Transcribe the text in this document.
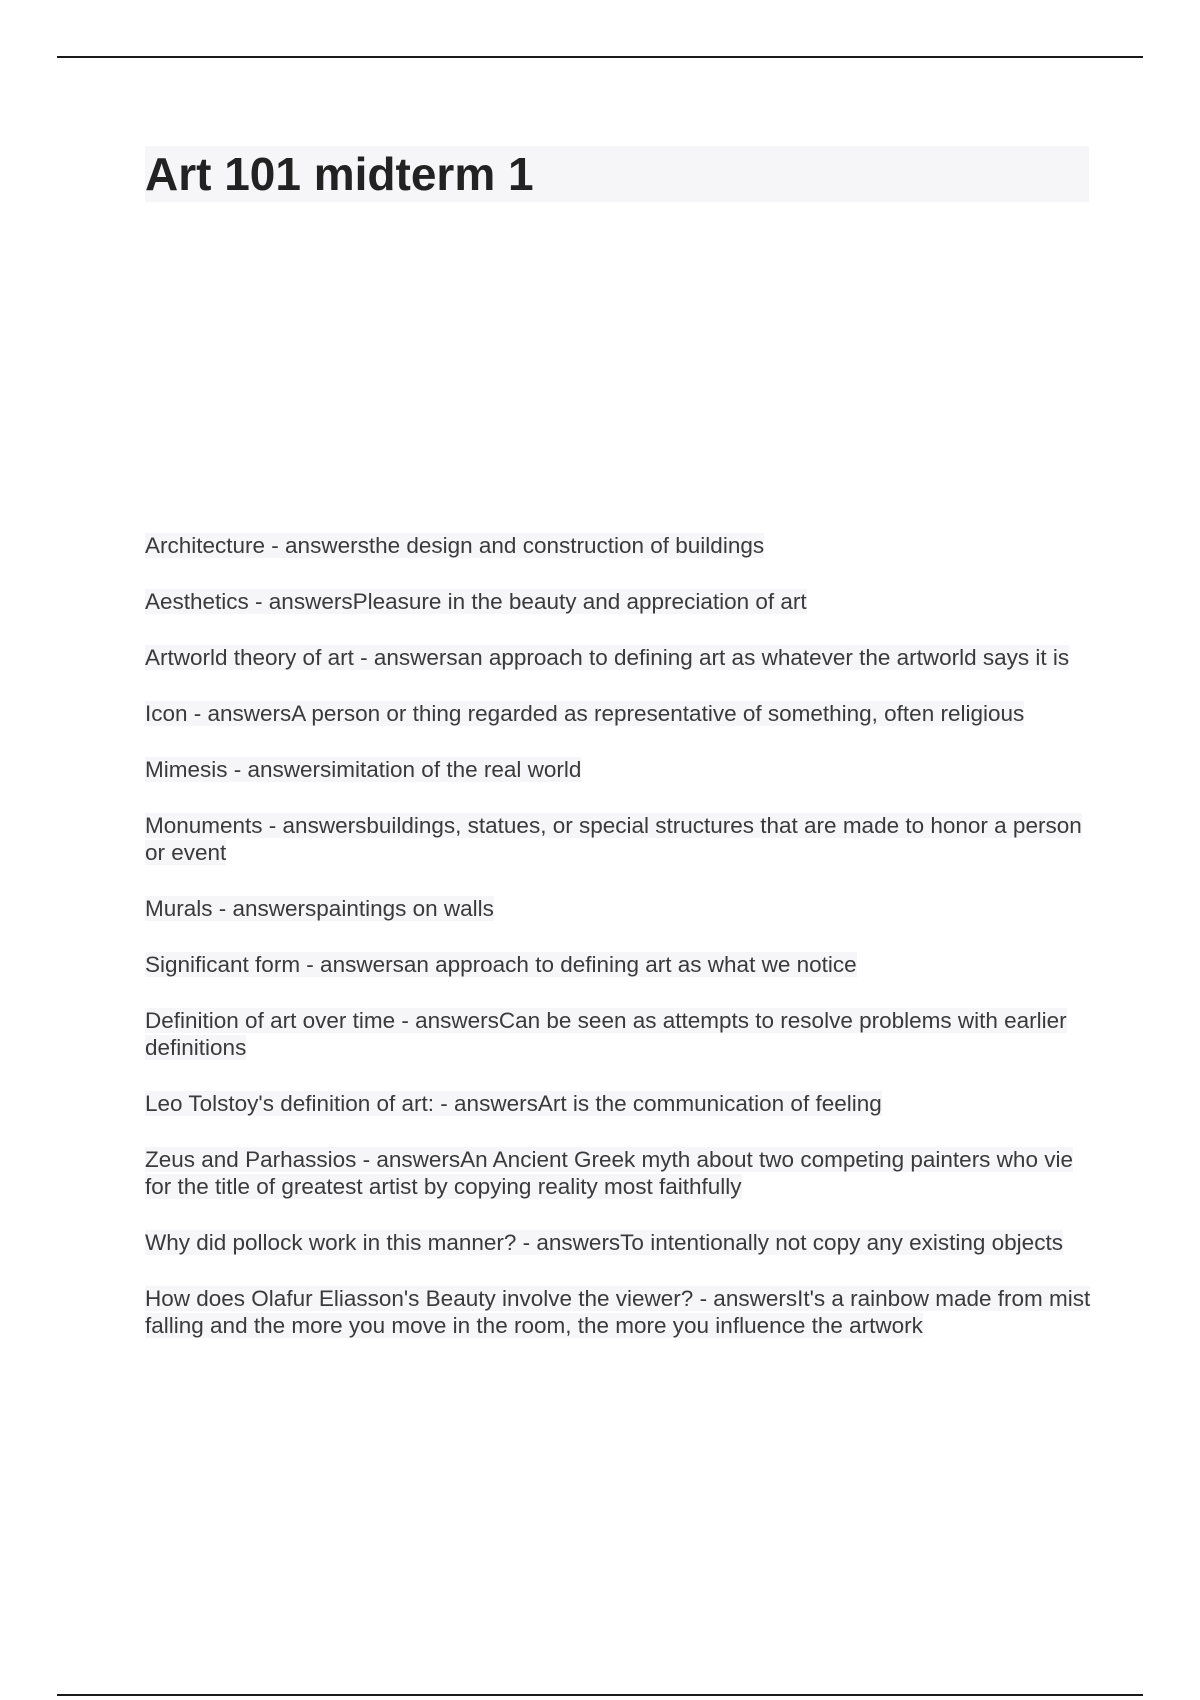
Art 101 midterm 1
Architecture - answersthe design and construction of buildings
Aesthetics - answersPleasure in the beauty and appreciation of art
Artworld theory of art - answersan approach to defining art as whatever the artworld says it is
Icon - answersA person or thing regarded as representative of something, often religious
Mimesis - answersimitation of the real world
Monuments - answersbuildings, statues, or special structures that are made to honor a person or event
Murals - answerspaintings on walls
Significant form - answersan approach to defining art as what we notice
Definition of art over time - answersCan be seen as attempts to resolve problems with earlier definitions
Leo Tolstoy's definition of art: - answersArt is the communication of feeling
Zeus and Parhassios - answersAn Ancient Greek myth about two competing painters who vie for the title of greatest artist by copying reality most faithfully
Why did pollock work in this manner? - answersTo intentionally not copy any existing objects
How does Olafur Eliasson's Beauty involve the viewer? - answersIt's a rainbow made from mist falling and the more you move in the room, the more you influence the artwork
